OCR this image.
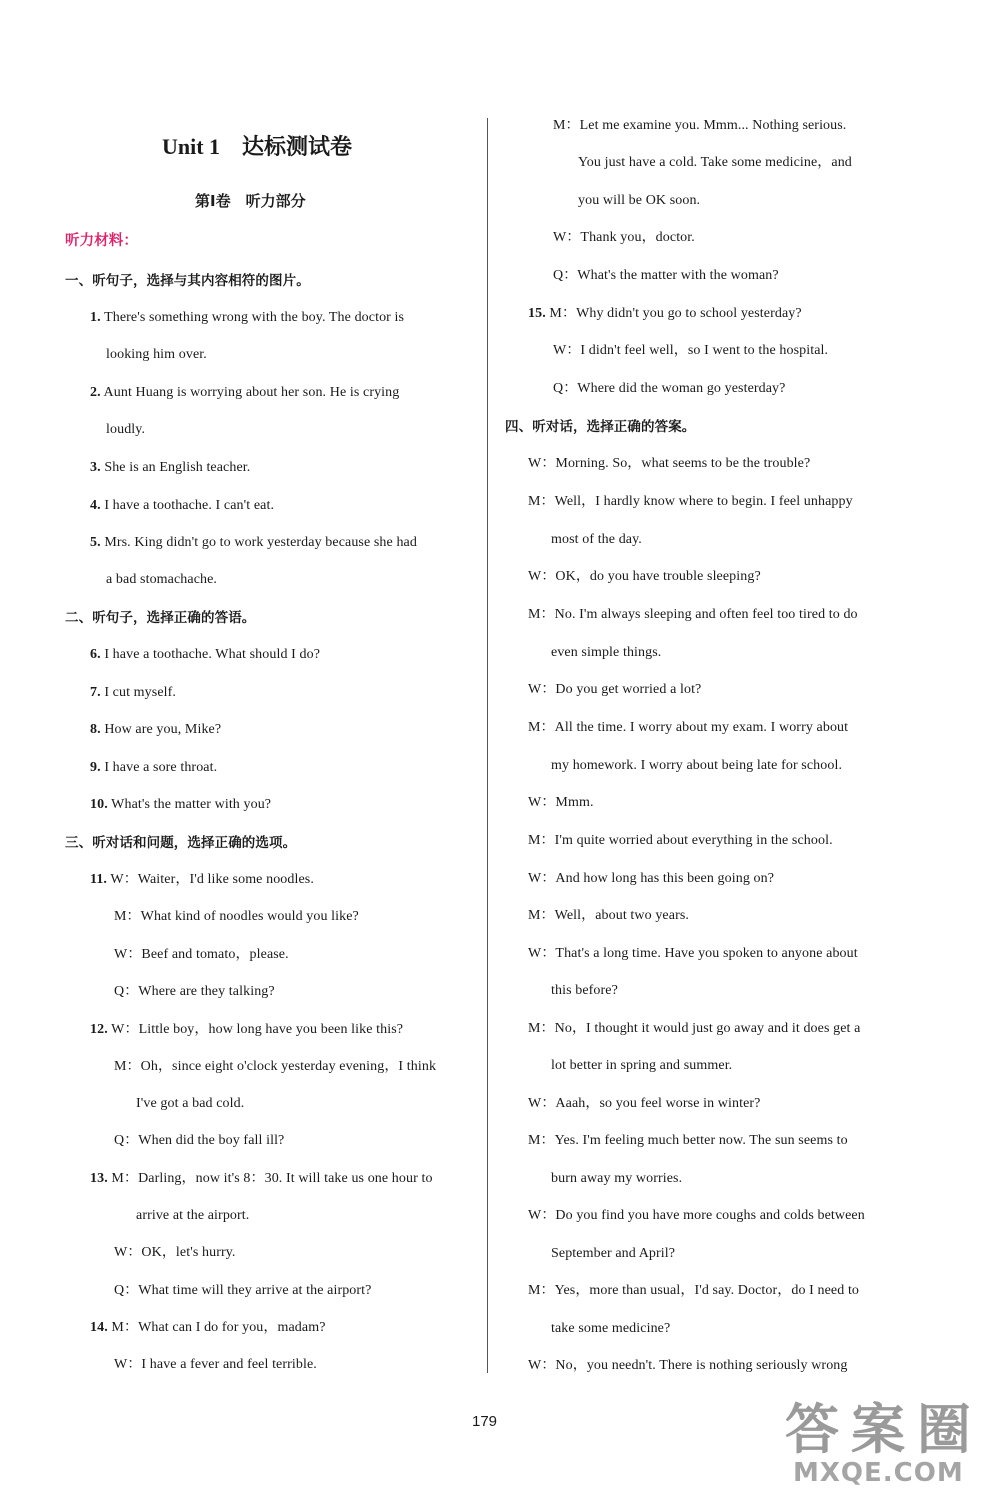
Unit 1　达标测试卷
第Ⅰ卷　听力部分
听力材料：
一、听句子，选择与其内容相符的图片。
1. There's something wrong with the boy. The doctor is
looking him over.
2. Aunt Huang is worrying about her son. He is crying
loudly.
3. She is an English teacher.
4. I have a toothache. I can't eat.
5. Mrs. King didn't go to work yesterday because she had
a bad stomachache.
二、听句子，选择正确的答语。
6. I have a toothache. What should I do?
7. I cut myself.
8. How are you, Mike?
9. I have a sore throat.
10. What's the matter with you?
三、听对话和问题，选择正确的选项。
11. W：Waiter，I'd like some noodles.
M：What kind of noodles would you like?
W：Beef and tomato，please.
Q：Where are they talking?
12. W：Little boy，how long have you been like this?
M：Oh，since eight o'clock yesterday evening，I think
I've got a bad cold.
Q：When did the boy fall ill?
13. M：Darling，now it's 8：30. It will take us one hour to
arrive at the airport.
W：OK，let's hurry.
Q：What time will they arrive at the airport?
14. M：What can I do for you，madam?
W：I have a fever and feel terrible.
M：Let me examine you. Mmm... Nothing serious.
You just have a cold. Take some medicine，and
you will be OK soon.
W：Thank you，doctor.
Q：What's the matter with the woman?
15. M：Why didn't you go to school yesterday?
W：I didn't feel well，so I went to the hospital.
Q：Where did the woman go yesterday?
四、听对话，选择正确的答案。
W：Morning. So，what seems to be the trouble?
M：Well，I hardly know where to begin. I feel unhappy
most of the day.
W：OK，do you have trouble sleeping?
M：No. I'm always sleeping and often feel too tired to do
even simple things.
W：Do you get worried a lot?
M：All the time. I worry about my exam. I worry about
my homework. I worry about being late for school.
W：Mmm.
M：I'm quite worried about everything in the school.
W：And how long has this been going on?
M：Well，about two years.
W：That's a long time. Have you spoken to anyone about
this before?
M：No，I thought it would just go away and it does get a
lot better in spring and summer.
W：Aaah，so you feel worse in winter?
M：Yes. I'm feeling much better now. The sun seems to
burn away my worries.
W：Do you find you have more coughs and colds between
September and April?
M：Yes，more than usual，I'd say. Doctor，do I need to
take some medicine?
W：No，you needn't. There is nothing seriously wrong
179	答 案 圈
MXQE.COM
